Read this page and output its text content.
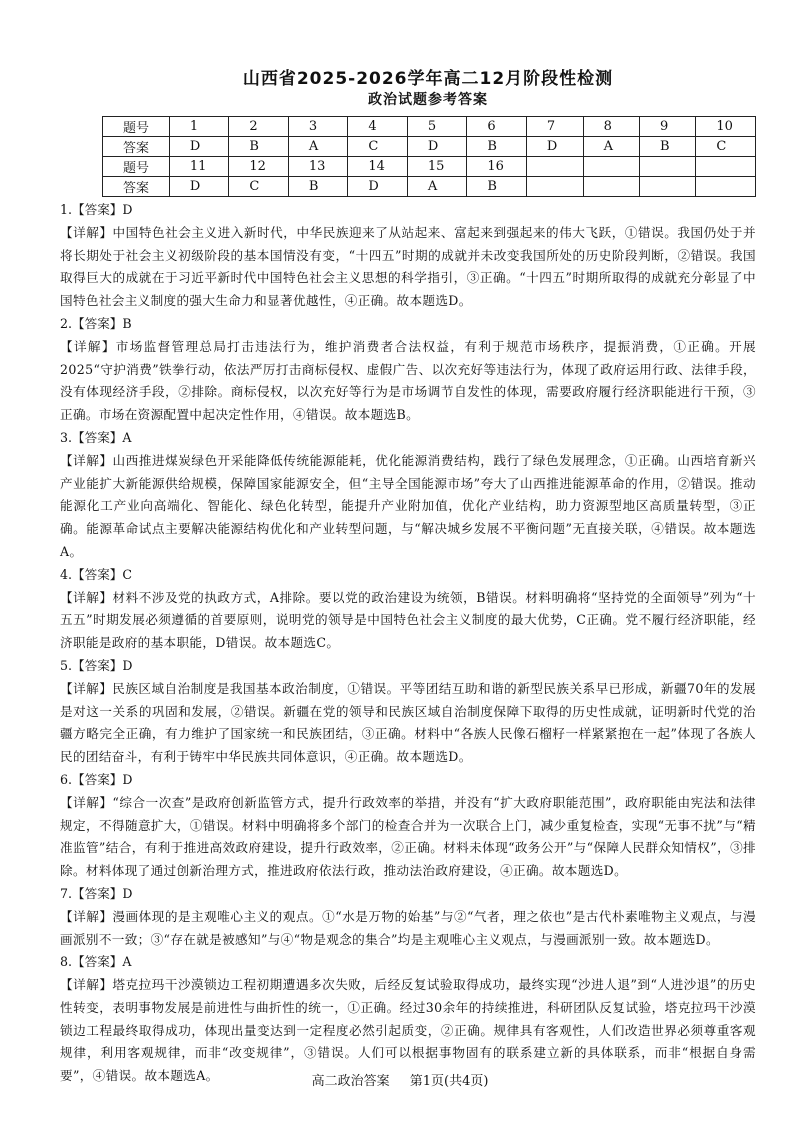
山西省2025-2026学年高二12月阶段性检测
政治试题参考答案
题号	1	2	3	4	5	6	7	8	9	10
答案	D	B	A	C	D	B	D	A	B	C
题号	11	12	13	14	15	16				
答案	D	C	B	D	A	B				

1.【答案】D

【详解】中国特色社会主义进入新时代，中华民族迎来了从站起来、富起来到强起来的伟大飞跃，①错误。我国仍处于并将长期处于社会主义初级阶段的基本国情没有变，“十四五”时期的成就并未改变我国所处的历史阶段判断，②错误。我国取得巨大的成就在于习近平新时代中国特色社会主义思想的科学指引，③正确。“十四五”时期所取得的成就充分彰显了中国特色社会主义制度的强大生命力和显著优越性，④正确。故本题选D。

2.【答案】B

【详解】市场监督管理总局打击违法行为，维护消费者合法权益，有利于规范市场秩序，提振消费，①正确。开展2025“守护消费”铁拳行动，依法严厉打击商标侵权、虚假广告、以次充好等违法行为，体现了政府运用行政、法律手段，没有体现经济手段，②排除。商标侵权，以次充好等行为是市场调节自发性的体现，需要政府履行经济职能进行干预，③正确。市场在资源配置中起决定性作用，④错误。故本题选B。

3.【答案】A

【详解】山西推进煤炭绿色开采能降低传统能源能耗，优化能源消费结构，践行了绿色发展理念，①正确。山西培育新兴产业能扩大新能源供给规模，保障国家能源安全，但“主导全国能源市场”夸大了山西推进能源革命的作用，②错误。推动能源化工产业向高端化、智能化、绿色化转型，能提升产业附加值，优化产业结构，助力资源型地区高质量转型，③正确。能源革命试点主要解决能源结构优化和产业转型问题，与“解决城乡发展不平衡问题”无直接关联，④错误。故本题选A。

4.【答案】C

【详解】材料不涉及党的执政方式，A排除。要以党的政治建设为统领，B错误。材料明确将“坚持党的全面领导”列为“十五五”时期发展必须遵循的首要原则，说明党的领导是中国特色社会主义制度的最大优势，C正确。党不履行经济职能，经济职能是政府的基本职能，D错误。故本题选C。

5.【答案】D

【详解】民族区域自治制度是我国基本政治制度，①错误。平等团结互助和谐的新型民族关系早已形成，新疆70年的发展是对这一关系的巩固和发展，②错误。新疆在党的领导和民族区域自治制度保障下取得的历史性成就，证明新时代党的治疆方略完全正确，有力维护了国家统一和民族团结，③正确。材料中“各族人民像石榴籽一样紧紧抱在一起”体现了各族人民的团结奋斗，有利于铸牢中华民族共同体意识，④正确。故本题选D。

6.【答案】D

【详解】“综合一次查”是政府创新监管方式，提升行政效率的举措，并没有“扩大政府职能范围”，政府职能由宪法和法律规定，不得随意扩大，①错误。材料中明确将多个部门的检查合并为一次联合上门，减少重复检查，实现“无事不扰”与“精准监管”结合，有利于推进高效政府建设，提升行政效率，②正确。材料未体现“政务公开”与“保障人民群众知情权”，③排除。材料体现了通过创新治理方式，推进政府依法行政，推动法治政府建设，④正确。故本题选D。

7.【答案】D

【详解】漫画体现的是主观唯心主义的观点。①“水是万物的始基”与②“气者，理之依也”是古代朴素唯物主义观点，与漫画派别不一致；③“存在就是被感知”与④“物是观念的集合”均是主观唯心主义观点，与漫画派别一致。故本题选D。

8.【答案】A

【详解】塔克拉玛干沙漠锁边工程初期遭遇多次失败，后经反复试验取得成功，最终实现“沙进人退”到“人进沙退”的历史性转变，表明事物发展是前进性与曲折性的统一，①正确。经过30余年的持续推进，科研团队反复试验，塔克拉玛干沙漠锁边工程最终取得成功，体现出量变达到一定程度必然引起质变，②正确。规律具有客观性，人们改造世界必须尊重客观规律，利用客观规律，而非“改变规律”，③错误。人们可以根据事物固有的联系建立新的具体联系，而非“根据自身需要”，④错误。故本题选A。	高二政治答案 第1页(共4页)
